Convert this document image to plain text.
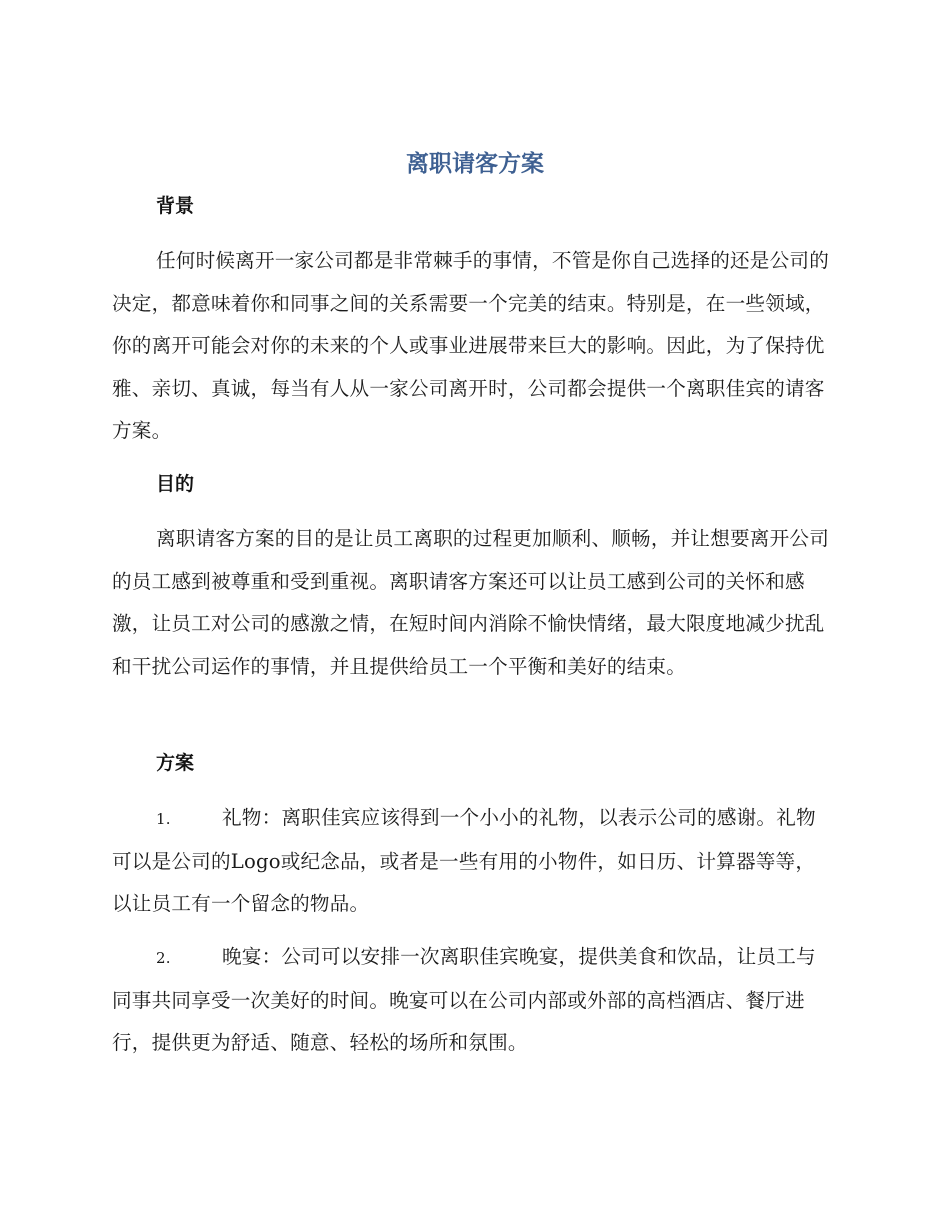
离职请客方案
背景
任何时候离开一家公司都是非常棘手的事情，不管是你自己选择的还是公司的决定，都意味着你和同事之间的关系需要一个完美的结束。特别是，在一些领域，你的离开可能会对你的未来的个人或事业进展带来巨大的影响。因此，为了保持优雅、亲切、真诚，每当有人从一家公司离开时，公司都会提供一个离职佳宾的请客方案。
目的
离职请客方案的目的是让员工离职的过程更加顺利、顺畅，并让想要离开公司的员工感到被尊重和受到重视。离职请客方案还可以让员工感到公司的关怀和感激，让员工对公司的感激之情，在短时间内消除不愉快情绪，最大限度地减少扰乱和干扰公司运作的事情，并且提供给员工一个平衡和美好的结束。
方案
1.	礼物：离职佳宾应该得到一个小小的礼物，以表示公司的感谢。礼物可以是公司的Logo或纪念品，或者是一些有用的小物件，如日历、计算器等等，以让员工有一个留念的物品。
2.	晚宴：公司可以安排一次离职佳宾晚宴，提供美食和饮品，让员工与同事共同享受一次美好的时间。晚宴可以在公司内部或外部的高档酒店、餐厅进行，提供更为舒适、随意、轻松的场所和氛围。
